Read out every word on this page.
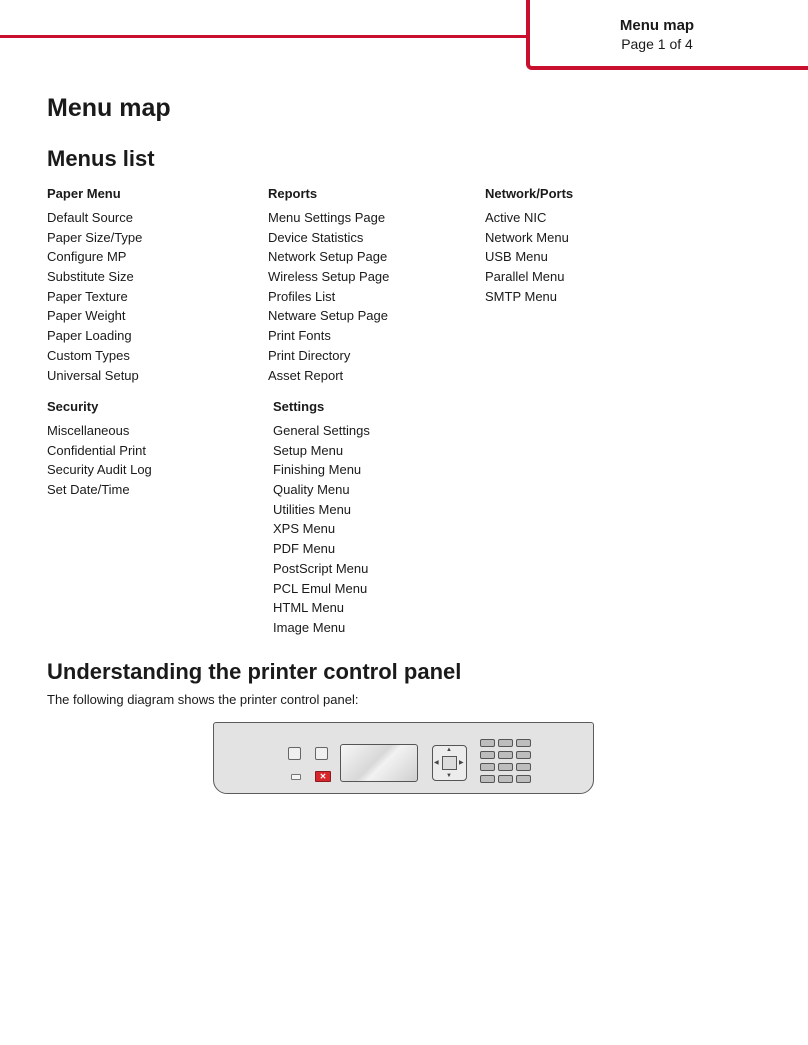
Menu map
Page 1 of 4
Menu map
Menus list
Paper Menu
Default Source
Paper Size/Type
Configure MP
Substitute Size
Paper Texture
Paper Weight
Paper Loading
Custom Types
Universal Setup
Reports
Menu Settings Page
Device Statistics
Network Setup Page
Wireless Setup Page
Profiles List
Netware Setup Page
Print Fonts
Print Directory
Asset Report
Network/Ports
Active NIC
Network Menu
USB Menu
Parallel Menu
SMTP Menu
Security
Miscellaneous
Confidential Print
Security Audit Log
Set Date/Time
Settings
General Settings
Setup Menu
Finishing Menu
Quality Menu
Utilities Menu
XPS Menu
PDF Menu
PostScript Menu
PCL Emul Menu
HTML Menu
Image Menu
Understanding the printer control panel
The following diagram shows the printer control panel:
✕
▲
▼
◀	▶
